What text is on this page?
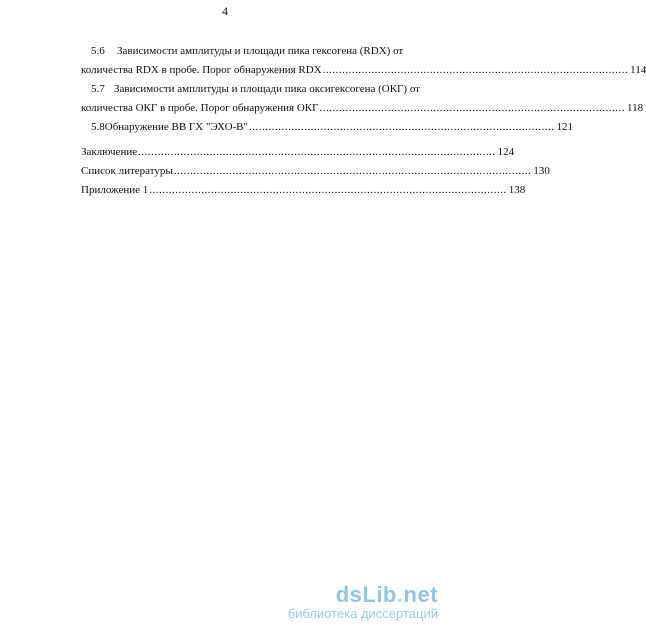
4
5.6	Зависимости амплитуды и площади пика гексогена (RDX) от
количества RDX в пробе. Порог обнаружения RDX .............................................................................................. 114
5.7 Зависимости амплитуды и площади пика оксигексогена (ОКГ) от
количества ОКГ в пробе. Порог обнаружения ОКГ .............................................................................................. 118
5.8 Обнаружение ВВ ГХ "ЭХО-В" .............................................................................................. 121
Заключение .............................................................................................................. 124
Список литературы .............................................................................................................. 130
Приложение 1 .............................................................................................................. 138
dsLib.net
библиотека диссертаций
